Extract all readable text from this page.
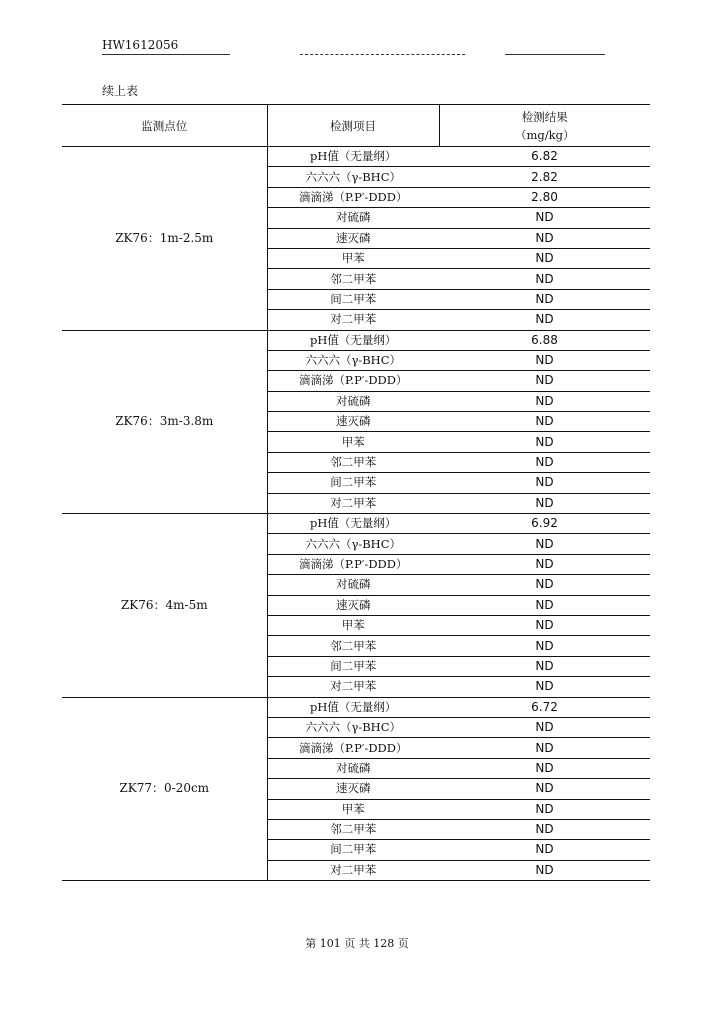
HW1612056
续上表
监测点位	检测项目	检测结果
（mg/kg）

ZK76：1m-2.5m	pH值（无量纲）	6.82
	六六六（γ-BHC）	2.82
	滴滴涕（P.P′-DDD）	2.80
	对硫磷	ND
	速灭磷	ND
	甲苯	ND
	邻二甲苯	ND
	间二甲苯	ND
	对二甲苯	ND
ZK76：3m-3.8m	pH值（无量纲）	6.88
	六六六（γ-BHC）	ND
	滴滴涕（P.P′-DDD）	ND
	对硫磷	ND
	速灭磷	ND
	甲苯	ND
	邻二甲苯	ND
	间二甲苯	ND
	对二甲苯	ND
ZK76：4m-5m	pH值（无量纲）	6.92
	六六六（γ-BHC）	ND
	滴滴涕（P.P′-DDD）	ND
	对硫磷	ND
	速灭磷	ND
	甲苯	ND
	邻二甲苯	ND
	间二甲苯	ND
	对二甲苯	ND
ZK77：0-20cm	pH值（无量纲）	6.72
	六六六（γ-BHC）	ND
	滴滴涕（P.P′-DDD）	ND
	对硫磷	ND
	速灭磷	ND
	甲苯	ND
	邻二甲苯	ND
	间二甲苯	ND
	对二甲苯	ND
第 101 页 共 128 页
